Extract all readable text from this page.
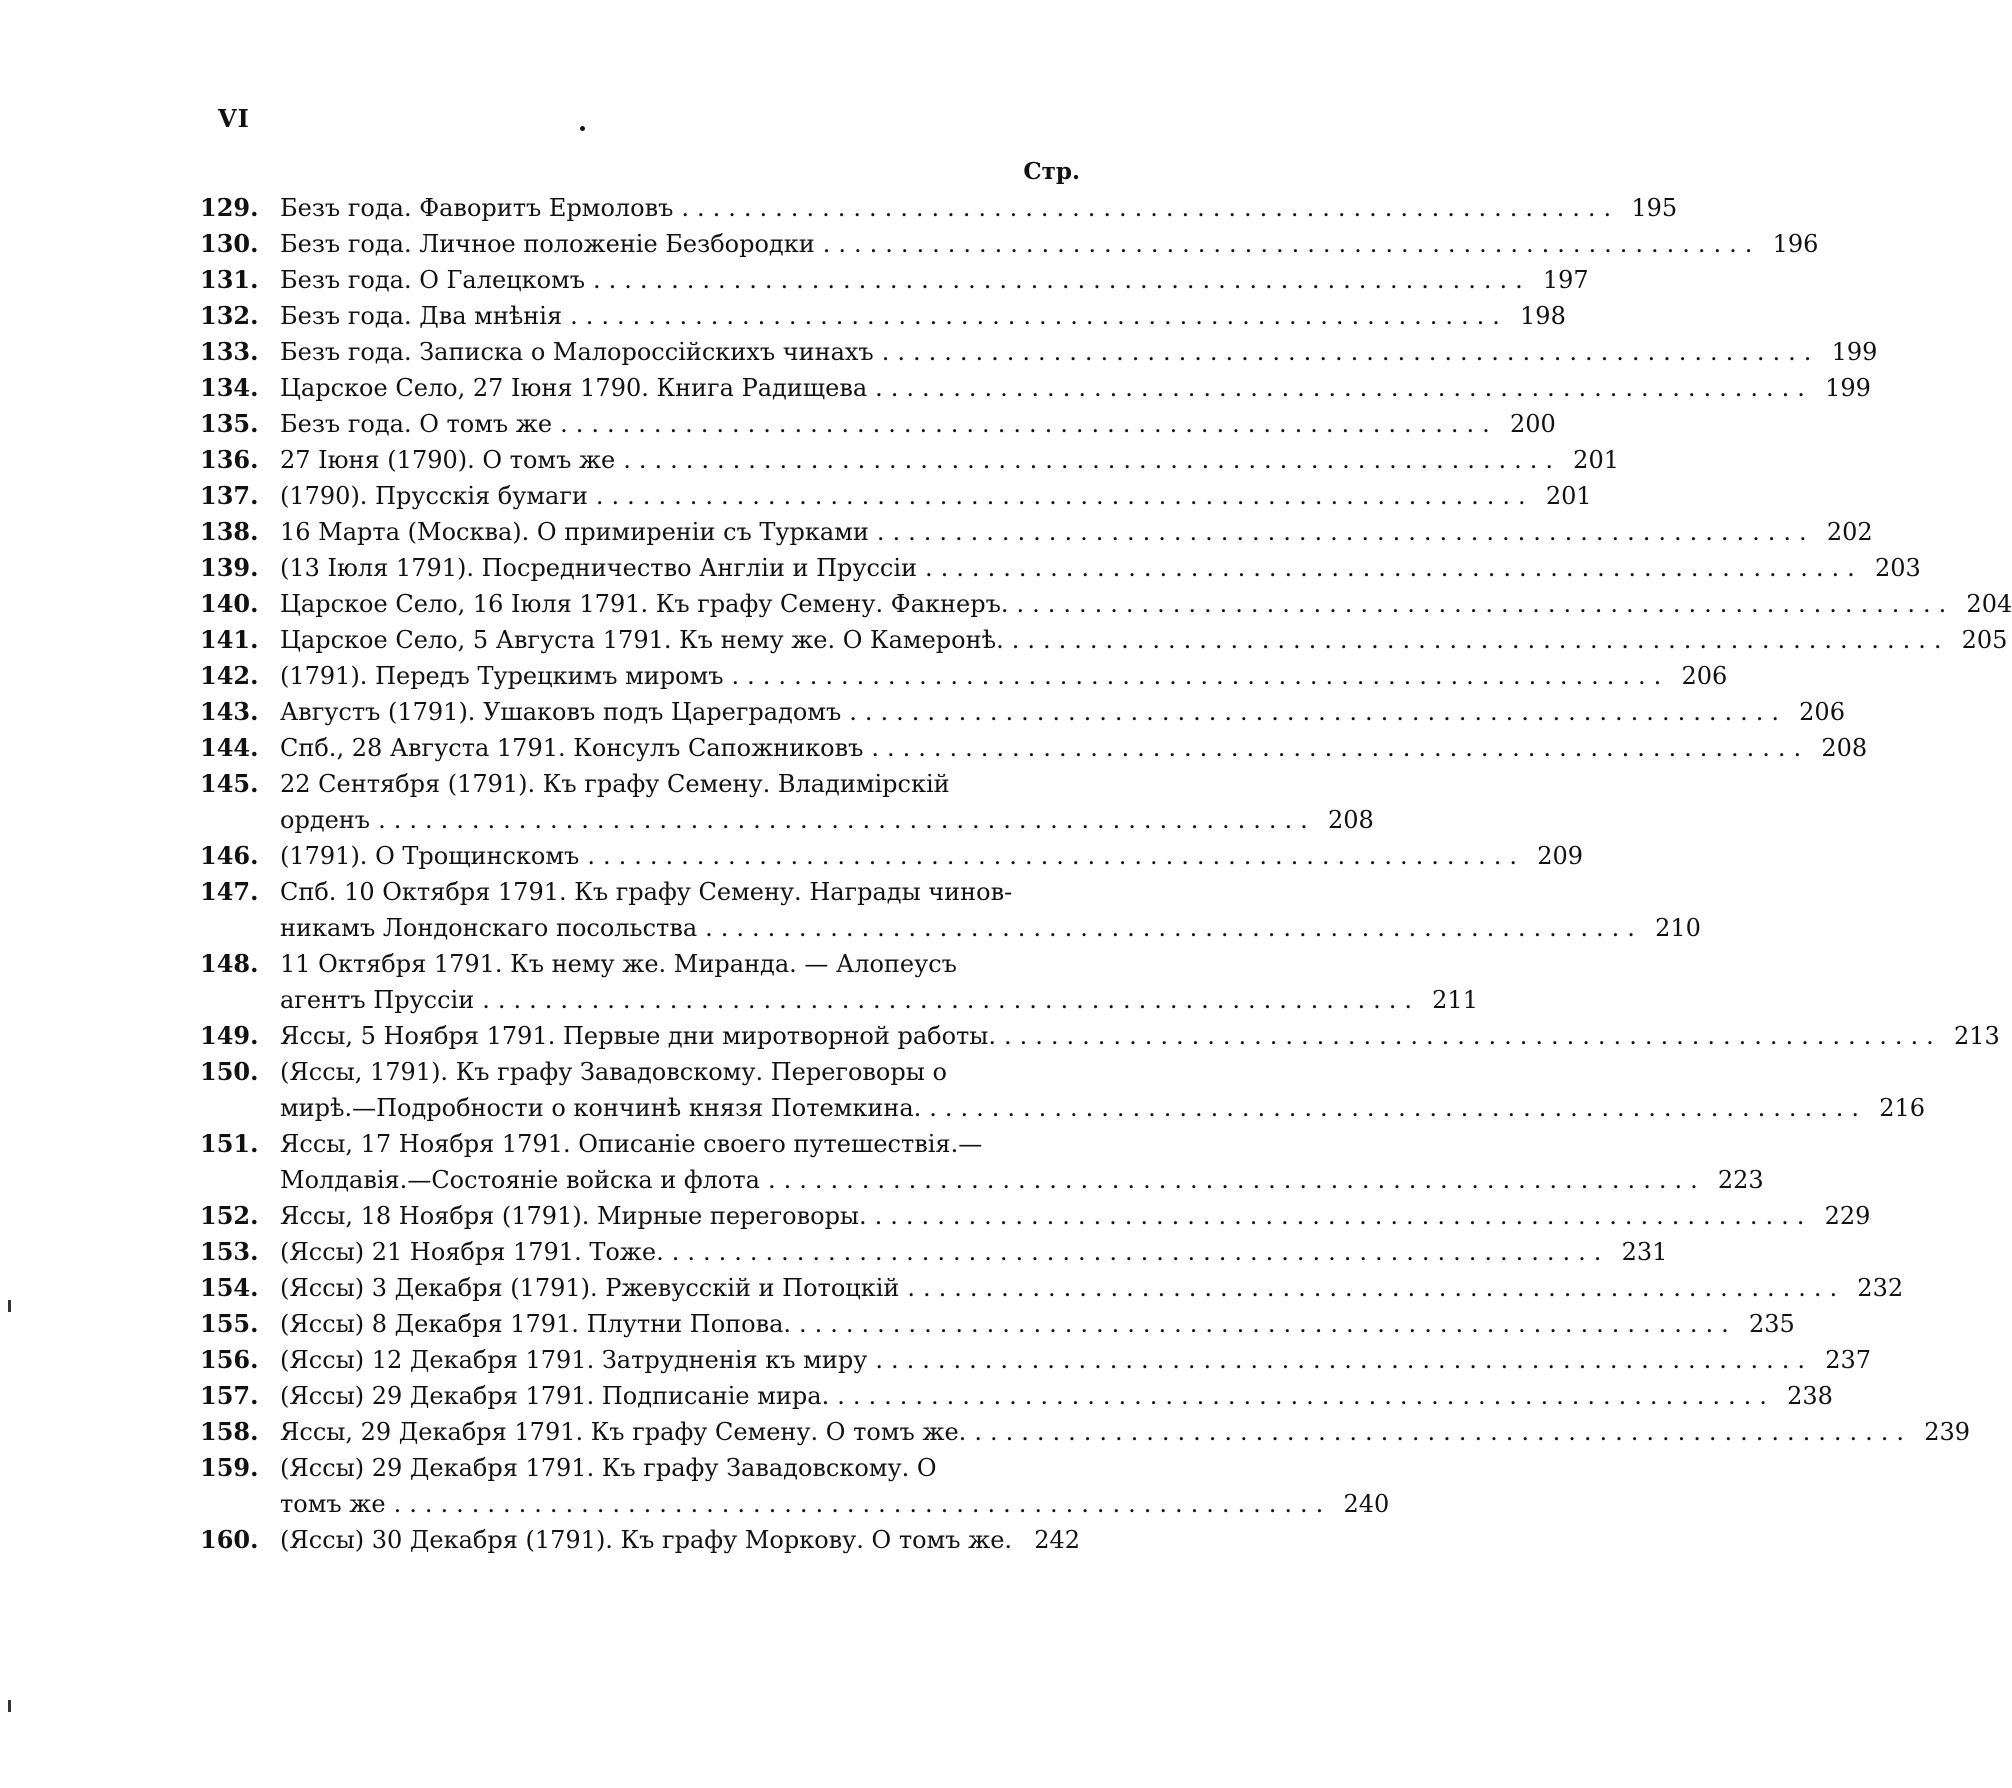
VI
Стр.
129. Безъ года. Фаворитъ Ермоловъ ............................................................ 195
130. Безъ года. Личное положеніе Безбородки ............................................................ 196
131. Безъ года. О Галецкомъ ............................................................ 197
132. Безъ года. Два мнѣнія ............................................................ 198
133. Безъ года. Записка о Малороссійскихъ чинахъ ............................................................ 199
134. Царское Село, 27 Іюня 1790. Книга Радищева ............................................................ 199
135. Безъ года. О томъ же ............................................................ 200
136. 27 Іюня (1790). О томъ же ............................................................ 201
137. (1790). Прусскія бумаги ............................................................ 201
138. 16 Марта (Москва). О примиреніи съ Турками ............................................................ 202
139. (13 Іюля 1791). Посредничество Англіи и Пруссіи ............................................................ 203
140. Царское Село, 16 Іюля 1791. Къ графу Семену. Факнеръ. ............................................................ 204
141. Царское Село, 5 Августа 1791. Къ нему же. О Камеронѣ. ............................................................ 205
142. (1791). Передъ Турецкимъ миромъ ............................................................ 206
143. Августъ (1791). Ушаковъ подъ Цареградомъ ............................................................ 206
144. Спб., 28 Августа 1791. Консулъ Сапожниковъ ............................................................ 208
145. 22 Сентября (1791). Къ графу Семену. Владимірскій
орденъ ............................................................ 208
146. (1791). О Трощинскомъ ............................................................ 209
147. Спб. 10 Октября 1791. Къ графу Семену. Награды чинов-
никамъ Лондонскаго посольства ............................................................ 210
148. 11 Октября 1791. Къ нему же. Миранда. — Алопеусъ
агентъ Пруссіи ............................................................ 211
149. Яссы, 5 Ноября 1791. Первые дни миротворной работы. ............................................................ 213
150. (Яссы, 1791). Къ графу Завадовскому. Переговоры о
мирѣ.—Подробности о кончинѣ князя Потемкина. ............................................................ 216
151. Яссы, 17 Ноября 1791. Описаніе своего путешествія.—
Молдавія.—Состояніе войска и флота ............................................................ 223
152. Яссы, 18 Ноября (1791). Мирные переговоры. ............................................................ 229
153. (Яссы) 21 Ноября 1791. Тоже. ............................................................ 231
154. (Яссы) 3 Декабря (1791). Ржевусскій и Потоцкій ............................................................ 232
155. (Яссы) 8 Декабря 1791. Плутни Попова. ............................................................ 235
156. (Яссы) 12 Декабря 1791. Затрудненія къ миру ............................................................ 237
157. (Яссы) 29 Декабря 1791. Подписаніе мира. ............................................................ 238
158. Яссы, 29 Декабря 1791. Къ графу Семену. О томъ же. ............................................................ 239
159. (Яссы) 29 Декабря 1791. Къ графу Завадовскому. О
томъ же ............................................................ 240
160. (Яссы) 30 Декабря (1791). Къ графу Моркову. О томъ же. 242
